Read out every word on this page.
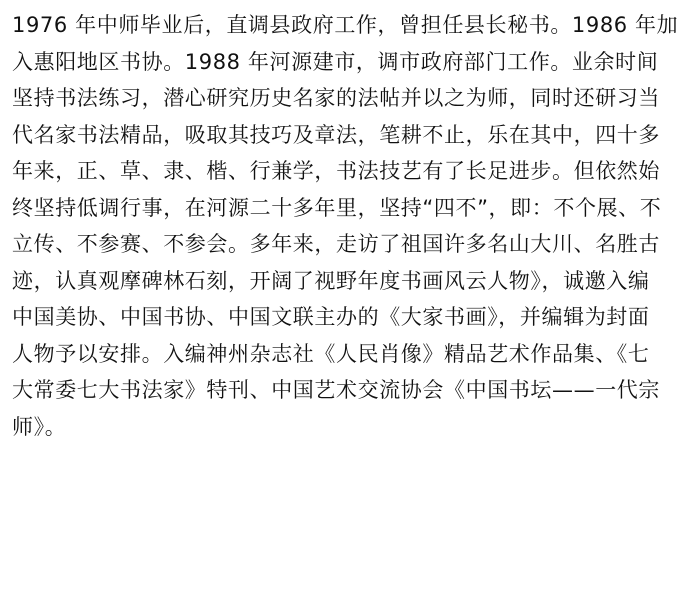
1976 年中师毕业后，直调县政府工作，曾担任县长秘书。1986 年加
入惠阳地区书协。1988 年河源建市，调市政府部门工作。业余时间
坚持书法练习，潜心研究历史名家的法帖并以之为师，同时还研习当
代名家书法精品，吸取其技巧及章法，笔耕不止，乐在其中，四十多
年来，正、草、隶、楷、行兼学，书法技艺有了长足进步。但依然始
终坚持低调行事，在河源二十多年里，坚持“四不”，即：不个展、不
立传、不参赛、不参会。多年来，走访了祖国许多名山大川、名胜古
迹，认真观摩碑林石刻，开阔了视野年度书画风云人物》，诚邀入编
中国美协、中国书协、中国文联主办的《大家书画》，并编辑为封面
人物予以安排。入编神州杂志社《人民肖像》精品艺术作品集、《七
大常委七大书法家》特刊、中国艺术交流协会《中国书坛——一代宗
师》。
